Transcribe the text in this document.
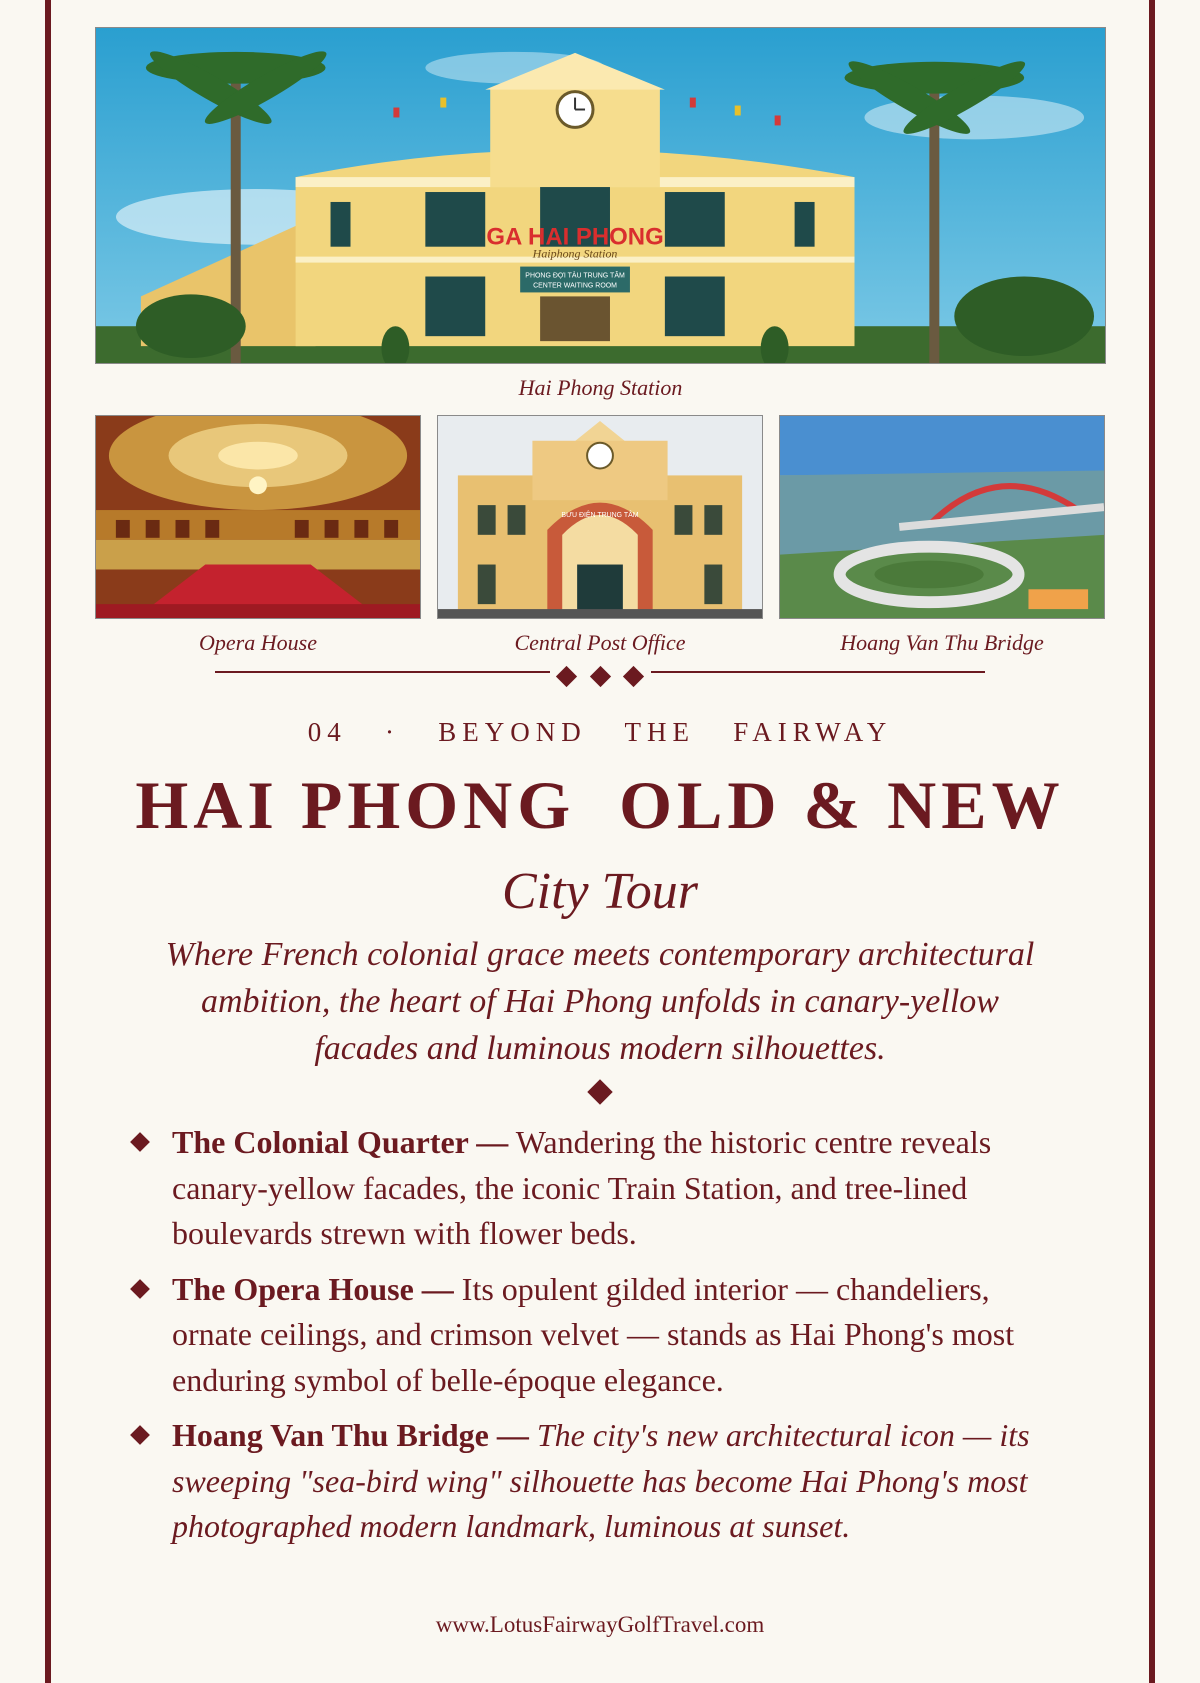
GA HAI PHONG
Haiphong Station
PHONG ĐỢI TÀU TRUNG TÂM
CENTER WAITING ROOM
Hai Phong Station
Opera House
BƯU ĐIỆN TRUNG TÂM
Central Post Office	Hoang Van Thu Bridge
04   ·   BEYOND   THE   FAIRWAY
HAI PHONG  OLD & NEW
City Tour
Where French colonial grace meets contemporary architectural ambition, the heart of Hai Phong unfolds in canary-yellow facades and luminous modern silhouettes.
The Colonial Quarter — Wandering the historic centre reveals canary-yellow facades, the iconic Train Station, and tree-lined boulevards strewn with flower beds.
The Opera House — Its opulent gilded interior — chandeliers, ornate ceilings, and crimson velvet — stands as Hai Phong's most enduring symbol of belle-époque elegance.
Hoang Van Thu Bridge — The city's new architectural icon — its sweeping "sea-bird wing" silhouette has become Hai Phong's most photographed modern landmark, luminous at sunset.
www.LotusFairwayGolfTravel.com
